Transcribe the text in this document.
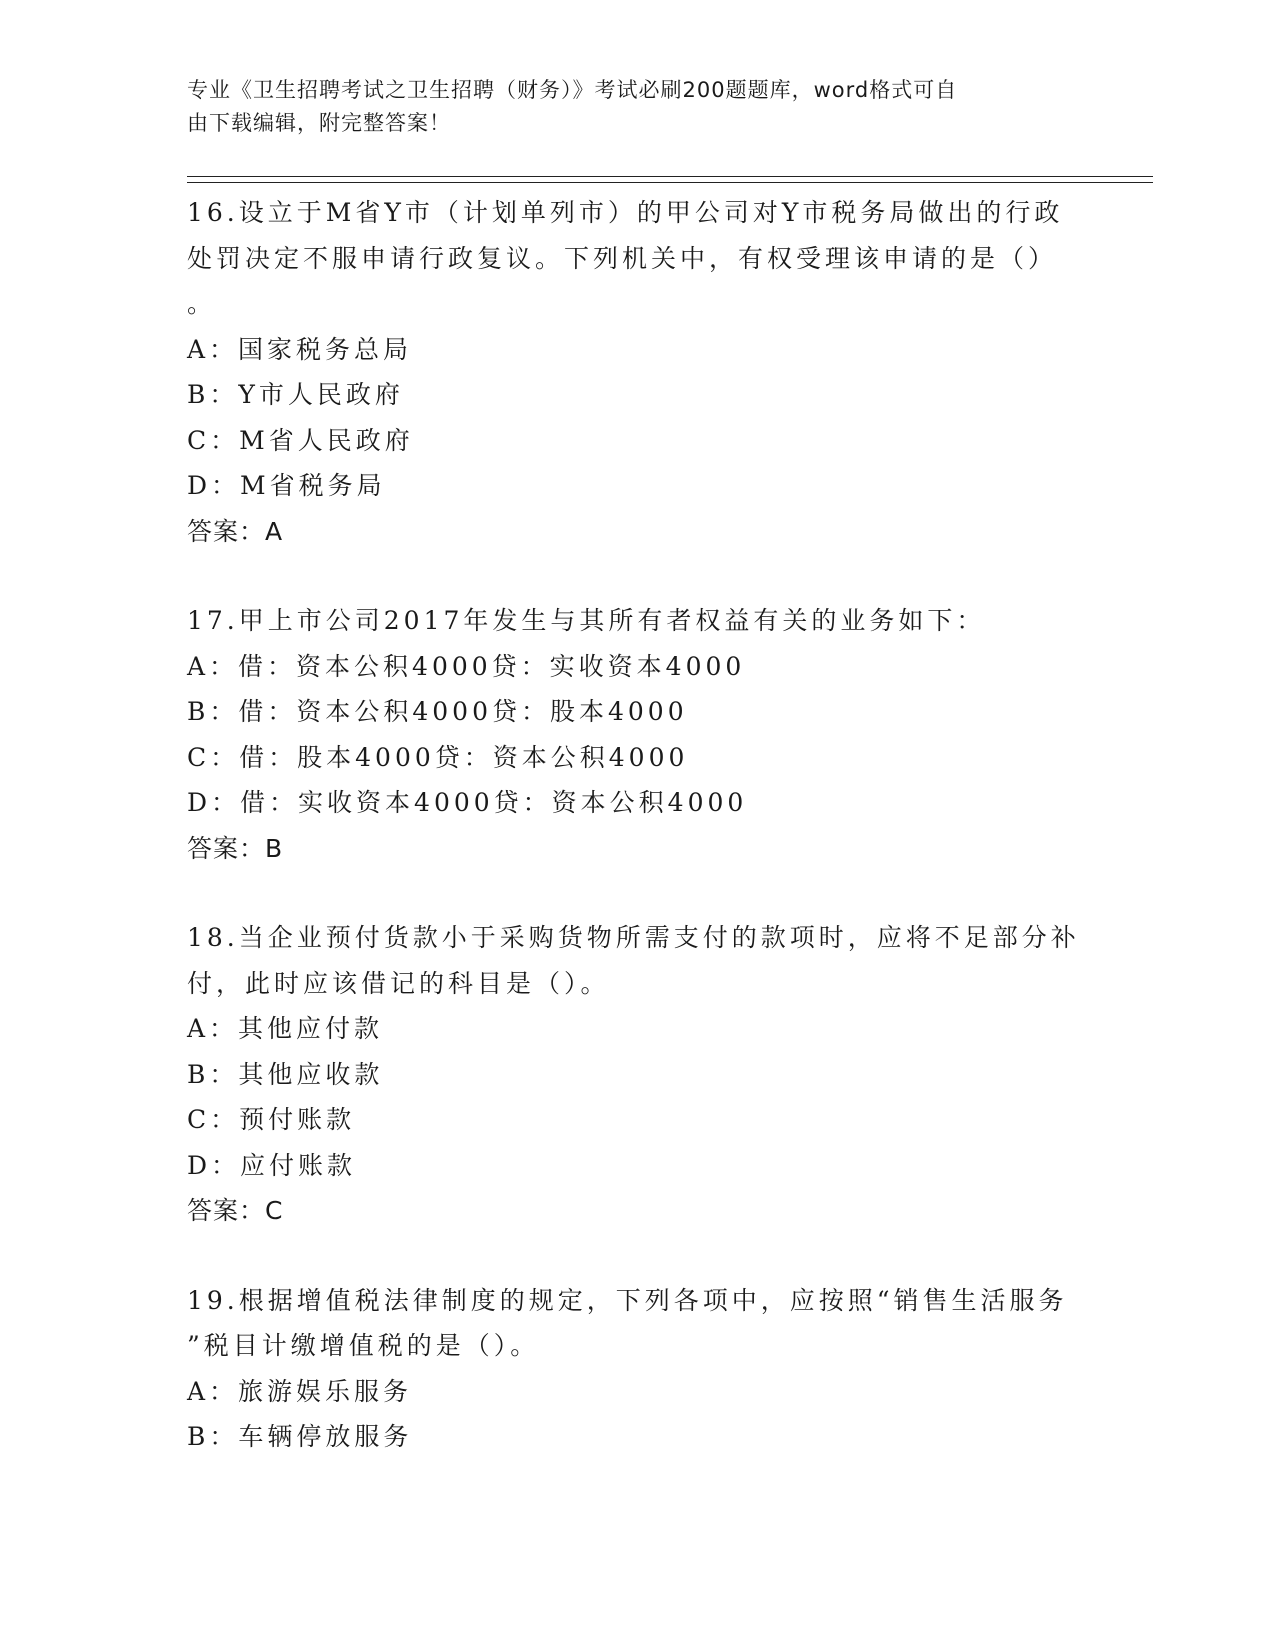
专业《卫生招聘考试之卫生招聘（财务）》考试必刷200题题库，word格式可自
由下载编辑，附完整答案！
16.设立于M省Y市（计划单列市）的甲公司对Y市税务局做出的行政
处罚决定不服申请行政复议。下列机关中，有权受理该申请的是（）
。
A：国家税务总局
B：Y市人民政府
C：M省人民政府
D：M省税务局
答案：A
17.甲上市公司2017年发生与其所有者权益有关的业务如下：
A：借：资本公积4000贷：实收资本4000
B：借：资本公积4000贷：股本4000
C：借：股本4000贷：资本公积4000
D：借：实收资本4000贷：资本公积4000
答案：B
18.当企业预付货款小于采购货物所需支付的款项时，应将不足部分补
付，此时应该借记的科目是（）。
A：其他应付款
B：其他应收款
C：预付账款
D：应付账款
答案：C
19.根据增值税法律制度的规定，下列各项中，应按照“销售生活服务
”税目计缴增值税的是（）。
A：旅游娱乐服务
B：车辆停放服务
